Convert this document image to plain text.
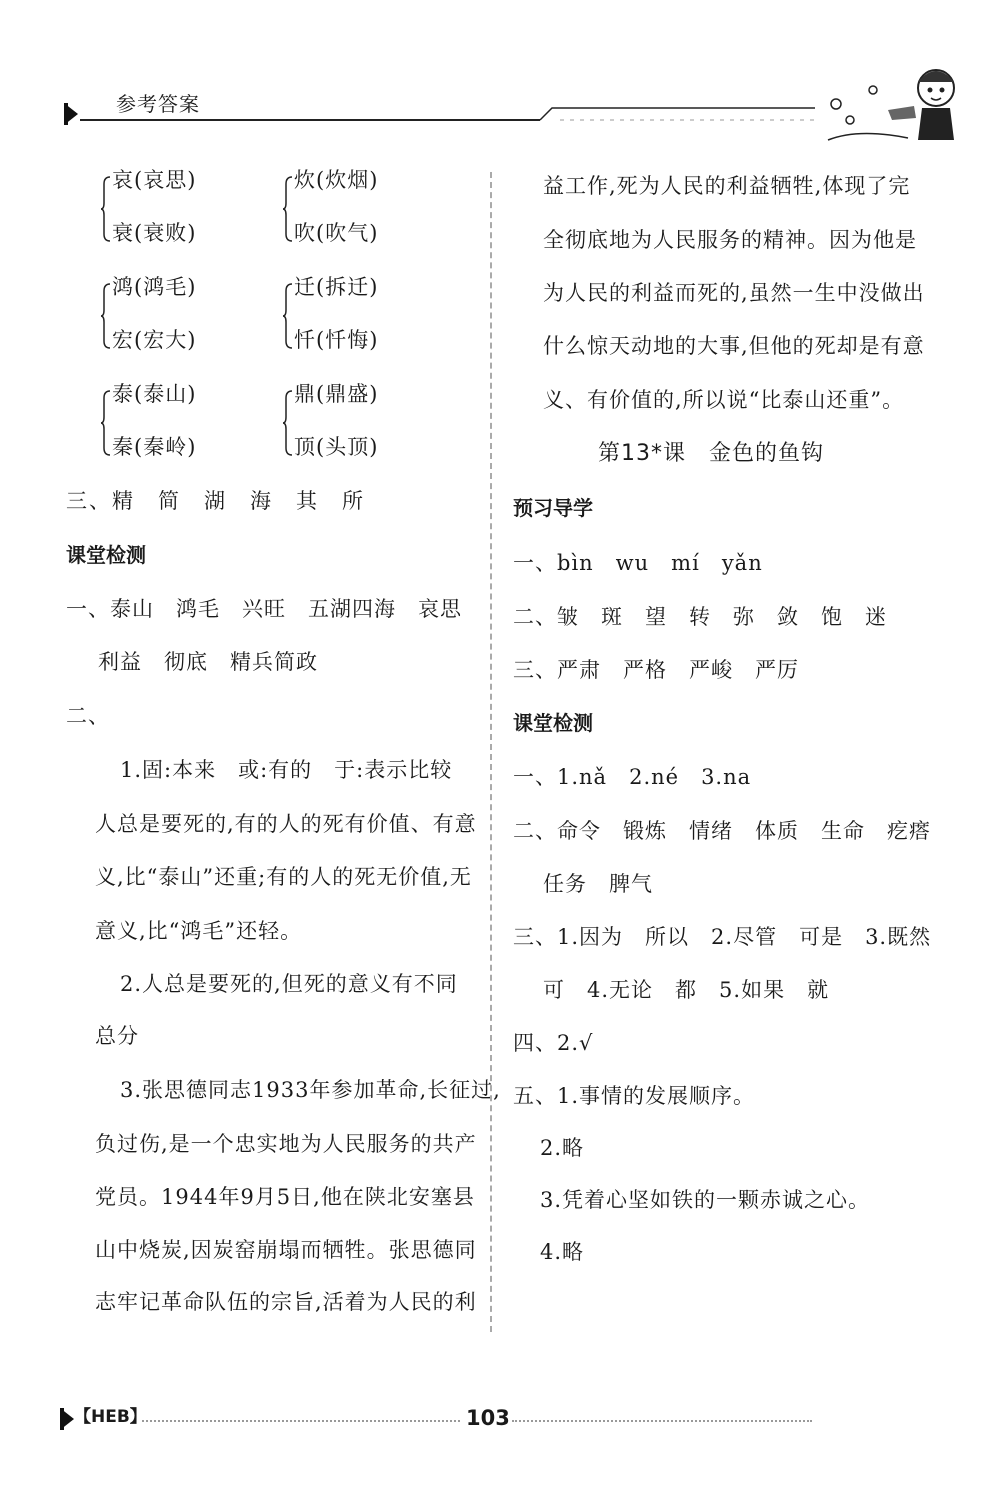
参考答案
哀(哀思)
衰(衰败)
炊(炊烟)
吹(吹气)
鸿(鸿毛)
宏(宏大)
迁(拆迁)
忏(忏悔)
泰(泰山)
秦(秦岭)
鼎(鼎盛)
顶(头顶)
三、精　简　湖　海　其　所
课堂检测
一、泰山　鸿毛　兴旺　五湖四海　哀思
利益　彻底　精兵简政
二、
1.固:本来　或:有的　于:表示比较
人总是要死的,有的人的死有价值、有意
义,比“泰山”还重;有的人的死无价值,无
意义,比“鸿毛”还轻。
2.人总是要死的,但死的意义有不同
总分
3.张思德同志1933年参加革命,长征过,
负过伤,是一个忠实地为人民服务的共产
党员。1944年9月5日,他在陕北安塞县
山中烧炭,因炭窑崩塌而牺牲。张思德同
志牢记革命队伍的宗旨,活着为人民的利
益工作,死为人民的利益牺牲,体现了完
全彻底地为人民服务的精神。因为他是
为人民的利益而死的,虽然一生中没做出
什么惊天动地的大事,但他的死却是有意
义、有价值的,所以说“比泰山还重”。
第13*课　金色的鱼钩
预习导学
一、bìn　wu　mí　yǎn
二、皱　斑　望　转　弥　敛　饱　迷
三、严肃　严格　严峻　严厉
课堂检测
一、1.nǎ　2.né　3.na
二、命令　锻炼　情绪　体质　生命　疙瘩
任务　脾气
三、1.因为　所以　2.尽管　可是　3.既然
可　4.无论　都　5.如果　就
四、2.√
五、1.事情的发展顺序。
2.略
3.凭着心坚如铁的一颗赤诚之心。
4.略
【HEB】	103
